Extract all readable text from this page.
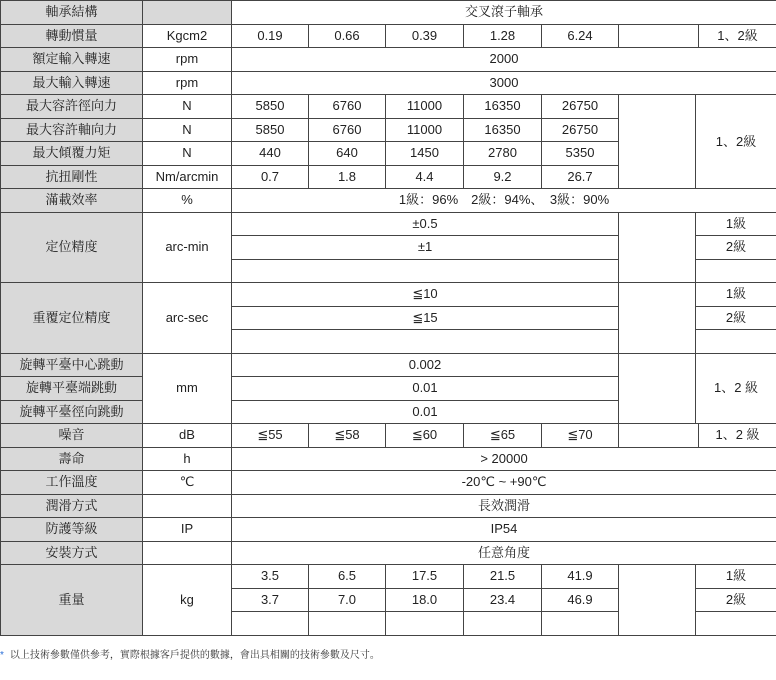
軸承結構		交叉滾子軸承							
轉動慣量	Kgcm2	0.19	0.66	0.39	1.28	6.24			1、2級
額定輸入轉速	rpm	2000							
最大輸入轉速	rpm	3000							
最大容許徑向力	N	5850	6760	11000	16350	26750		1、2級	
最大容許軸向力	N	5850	6760	11000	16350	26750			
最大傾覆力矩	N	440	640	1450	2780	5350			
抗扭剛性	Nm/arcmin	0.7	1.8	4.4	9.2	26.7			
滿載效率	%	1級：96%　2級：94%、　3級：90%							
定位精度	arc-min	±0.5						1級	
		±1						2級	

重覆定位精度	arc-sec	≦10						1級	
		≦15						2級	

旋轉平臺中心跳動	mm	0.002						1、2 級	
旋轉平臺端跳動		0.01							
旋轉平臺徑向跳動		0.01							
噪音	dB	≦55	≦58	≦60	≦65	≦70			1、2 級
壽命	h	> 20000							
工作溫度	℃	-20℃ ~ +90℃							
潤滑方式		長效潤滑							
防護等級	IP	IP54							
安裝方式		任意角度							
重量	kg	3.5	6.5	17.5	21.5	41.9		1級	
		3.7	7.0	18.0	23.4	46.9		2級	

* 以上技術參數僅供參考，實際根據客戶提供的數據，會出具相關的技術參數及尺寸。
